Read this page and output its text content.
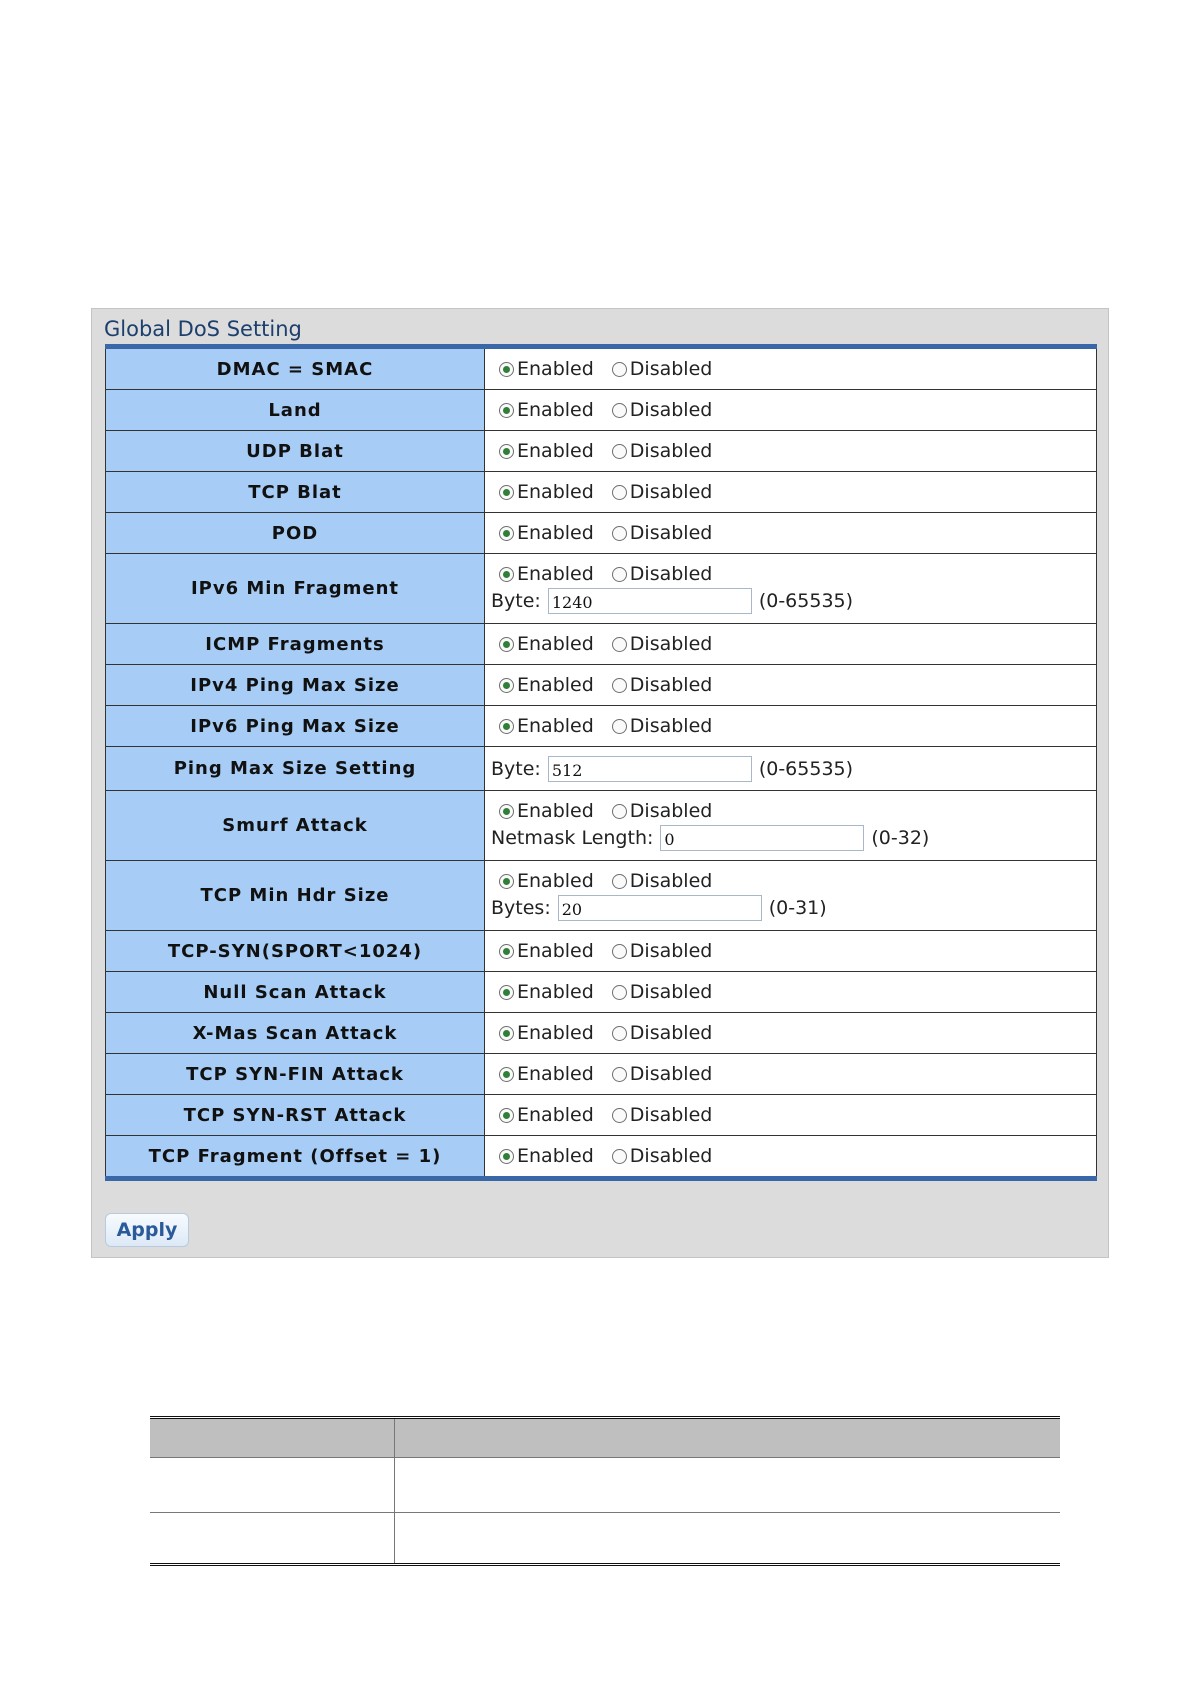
Global DoS Setting
DMAC = SMAC	Enabled Disabled

Land	Enabled Disabled

UDP Blat	Enabled Disabled

TCP Blat	Enabled Disabled

POD	Enabled Disabled

IPv6 Min Fragment	Enabled Disabled
Byte:
1240 (0-65535)

ICMP Fragments	Enabled Disabled

IPv4 Ping Max Size	Enabled Disabled

IPv6 Ping Max Size	Enabled Disabled

Ping Max Size Setting	Byte:
512 (0-65535)

Smurf Attack	Enabled Disabled
Netmask Length:
0 (0-32)

TCP Min Hdr Size	Enabled Disabled
Bytes:
20 (0-31)

TCP-SYN(SPORT<1024)	Enabled Disabled

Null Scan Attack	Enabled Disabled

X-Mas Scan Attack	Enabled Disabled

TCP SYN-FIN Attack	Enabled Disabled

TCP SYN-RST Attack	Enabled Disabled

TCP Fragment (Offset = 1)	Enabled Disabled
Apply
